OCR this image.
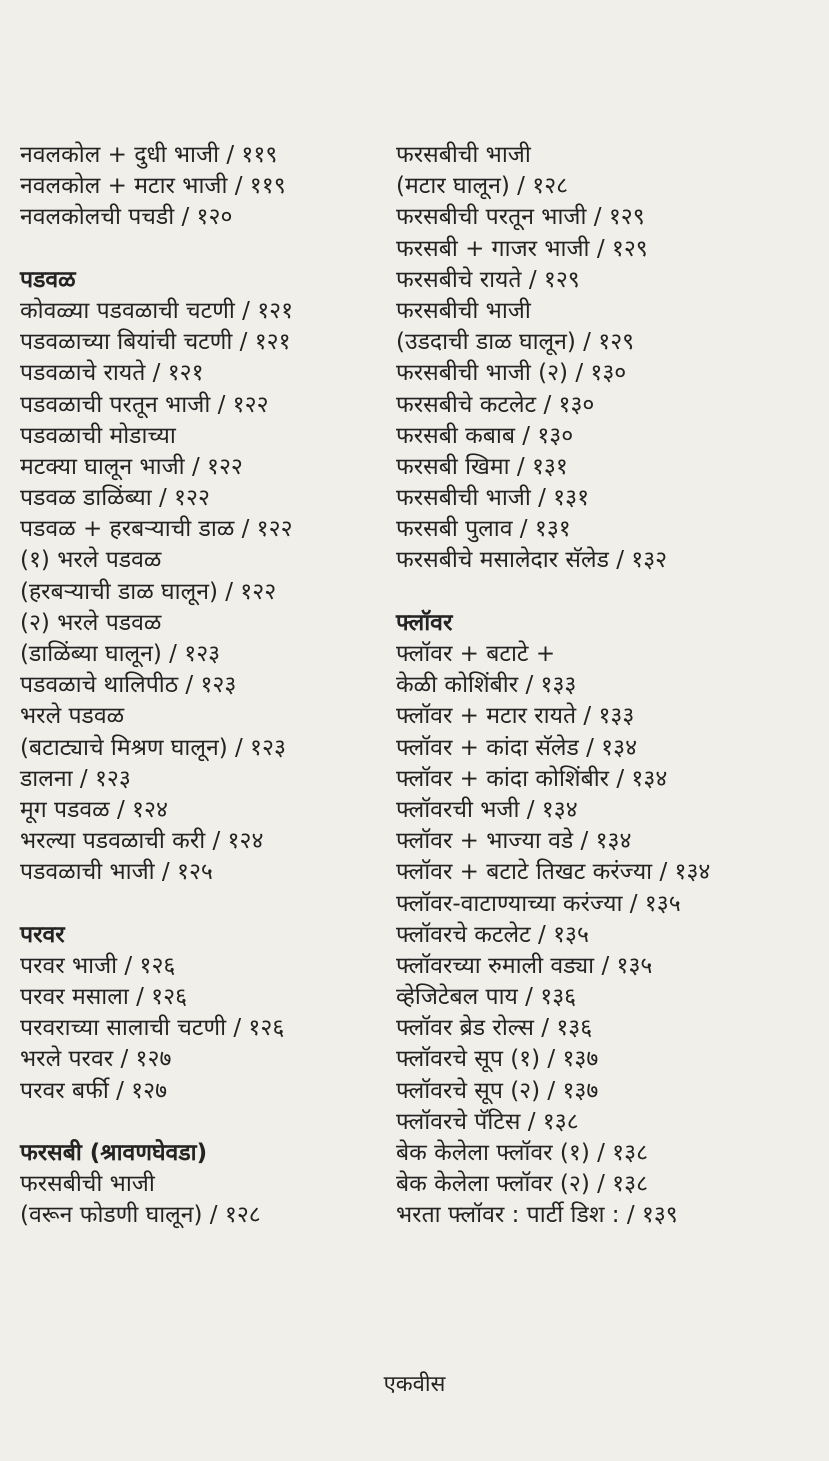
नवलकोल + दुधी भाजी / ११९
नवलकोल + मटार भाजी / ११९
नवलकोलची पचडी / १२०
पडवळ
कोवळ्या पडवळाची चटणी / १२१
पडवळाच्या बियांची चटणी / १२१
पडवळाचे रायते / १२१
पडवळाची परतून भाजी / १२२
पडवळाची मोडाच्या
मटक्या घालून भाजी / १२२
पडवळ डाळिंब्या / १२२
पडवळ + हरबऱ्याची डाळ / १२२
(१) भरले पडवळ
(हरबऱ्याची डाळ घालून) / १२२
(२) भरले पडवळ
(डाळिंब्या घालून) / १२३
पडवळाचे थालिपीठ / १२३
भरले पडवळ
(बटाट्याचे मिश्रण घालून) / १२३
डालना / १२३
मूग पडवळ / १२४
भरल्या पडवळाची करी / १२४
पडवळाची भाजी / १२५
परवर
परवर भाजी / १२६
परवर मसाला / १२६
परवराच्या सालाची चटणी / १२६
भरले परवर / १२७
परवर बर्फी / १२७
फरसबी (श्रावणघेवडा)
फरसबीची भाजी
(वरून फोडणी घालून) / १२८
फरसबीची भाजी
(मटार घालून) / १२८
फरसबीची परतून भाजी / १२९
फरसबी + गाजर भाजी / १२९
फरसबीचे रायते / १२९
फरसबीची भाजी
(उडदाची डाळ घालून) / १२९
फरसबीची भाजी (२) / १३०
फरसबीचे कटलेट / १३०
फरसबी कबाब / १३०
फरसबी खिमा / १३१
फरसबीची भाजी / १३१
फरसबी पुलाव / १३१
फरसबीचे मसालेदार सॅलेड / १३२
फ्लॉवर
फ्लॉवर + बटाटे +
केळी कोशिंबीर / १३३
फ्लॉवर + मटार रायते / १३३
फ्लॉवर + कांदा सॅलेड / १३४
फ्लॉवर + कांदा कोशिंबीर / १३४
फ्लॉवरची भजी / १३४
फ्लॉवर + भाज्या वडे / १३४
फ्लॉवर + बटाटे तिखट करंज्या / १३४
फ्लॉवर-वाटाण्याच्या करंज्या / १३५
फ्लॉवरचे कटलेट / १३५
फ्लॉवरच्या रुमाली वड्या / १३५
व्हेजिटेबल पाय / १३६
फ्लॉवर ब्रेड रोल्स / १३६
फ्लॉवरचे सूप (१) / १३७
फ्लॉवरचे सूप (२) / १३७
फ्लॉवरचे पॅटिस / १३८
बेक केलेला फ्लॉवर (१) / १३८
बेक केलेला फ्लॉवर (२) / १३८
भरता फ्लॉवर : पार्टी डिश : / १३९
एकवीस
